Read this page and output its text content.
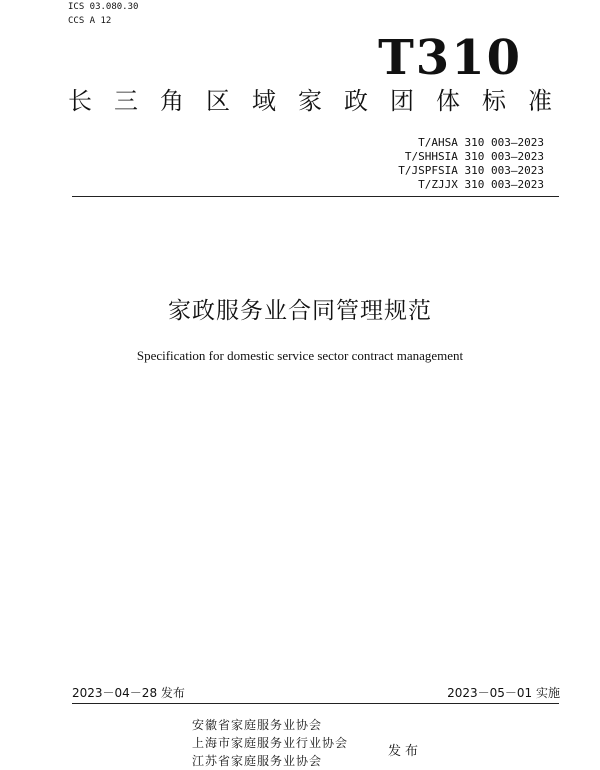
ICS 03.080.30
CCS A 12
T310
长 三 角 区 域 家 政 团 体 标 准
T/AHSA 310 003—2023
T/SHHSIA 310 003—2023
T/JSPFSIA 310 003—2023
T/ZJJX 310 003—2023
家政服务业合同管理规范
Specification for domestic service sector contract management
2023－04－28 发布	2023－05－01 实施
安徽省家庭服务业协会
上海市家庭服务业行业协会
江苏省家庭服务业协会
发布
